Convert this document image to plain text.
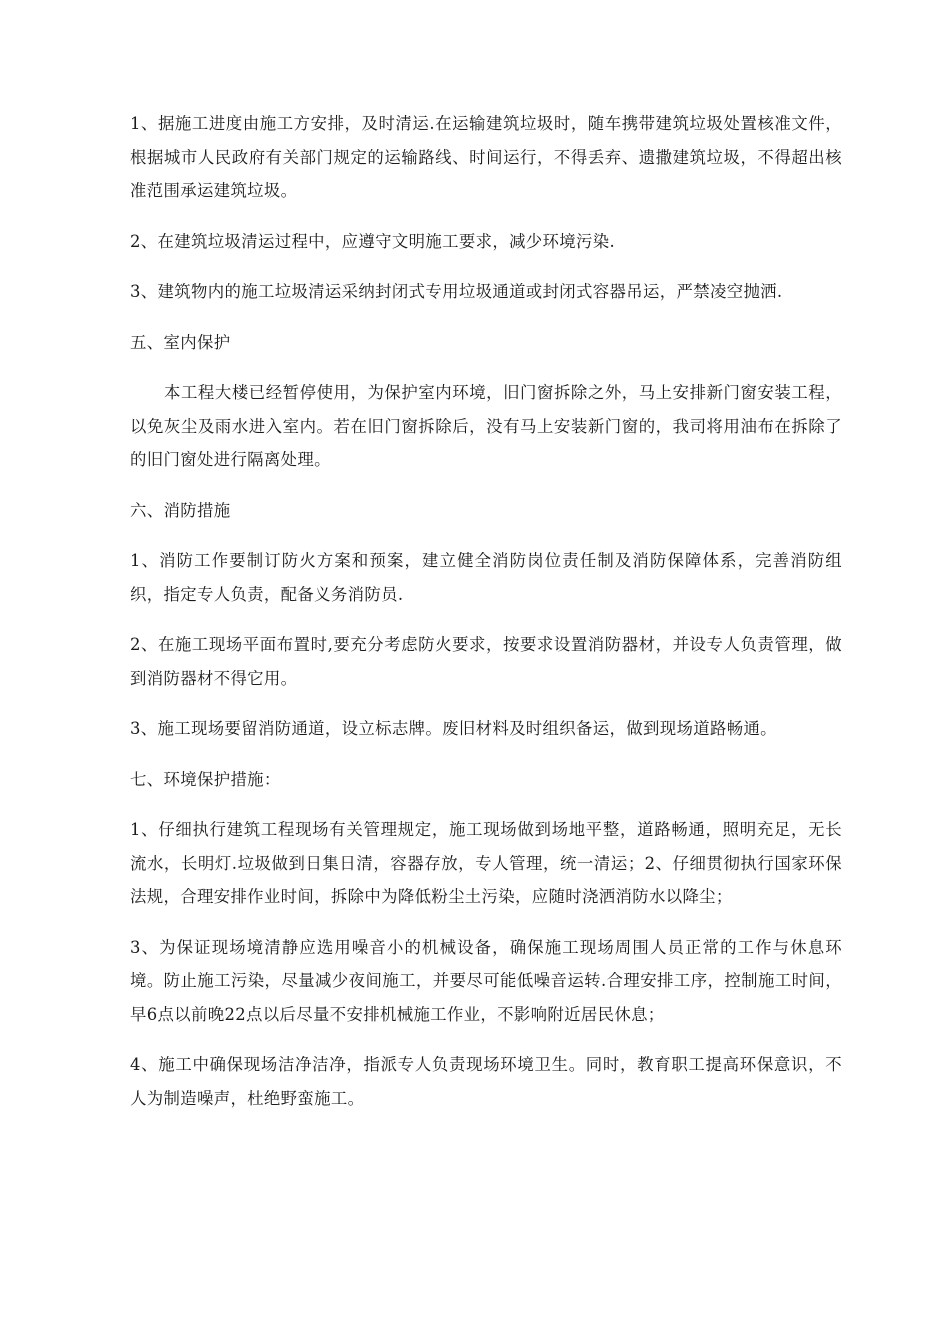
1、据施工进度由施工方安排，及时清运.在运输建筑垃圾时，随车携带建筑垃圾处置核准文件，根据城市人民政府有关部门规定的运输路线、时间运行，不得丢弃、遗撒建筑垃圾，不得超出核准范围承运建筑垃圾。

2、在建筑垃圾清运过程中，应遵守文明施工要求，减少环境污染.

3、建筑物内的施工垃圾清运采纳封闭式专用垃圾通道或封闭式容器吊运，严禁凌空抛洒.

五、室内保护

本工程大楼已经暂停使用，为保护室内环境，旧门窗拆除之外，马上安排新门窗安装工程，以免灰尘及雨水进入室内。若在旧门窗拆除后，没有马上安装新门窗的，我司将用油布在拆除了的旧门窗处进行隔离处理。

六、消防措施

1、消防工作要制订防火方案和预案，建立健全消防岗位责任制及消防保障体系，完善消防组织，指定专人负责，配备义务消防员.

2、在施工现场平面布置时,要充分考虑防火要求，按要求设置消防器材，并设专人负责管理，做到消防器材不得它用。

3、施工现场要留消防通道，设立标志牌。废旧材料及时组织备运，做到现场道路畅通。

七、环境保护措施：

1、仔细执行建筑工程现场有关管理规定，施工现场做到场地平整，道路畅通，照明充足，无长流水，长明灯.垃圾做到日集日清，容器存放，专人管理，统一清运；2、仔细贯彻执行国家环保法规，合理安排作业时间，拆除中为降低粉尘土污染，应随时浇洒消防水以降尘；

3、为保证现场境清静应选用噪音小的机械设备，确保施工现场周围人员正常的工作与休息环境。防止施工污染，尽量减少夜间施工，并要尽可能低噪音运转.合理安排工序，控制施工时间，早6点以前晚22点以后尽量不安排机械施工作业，不影响附近居民休息；

4、施工中确保现场洁净洁净，指派专人负责现场环境卫生。同时，教育职工提高环保意识，不人为制造噪声，杜绝野蛮施工。
